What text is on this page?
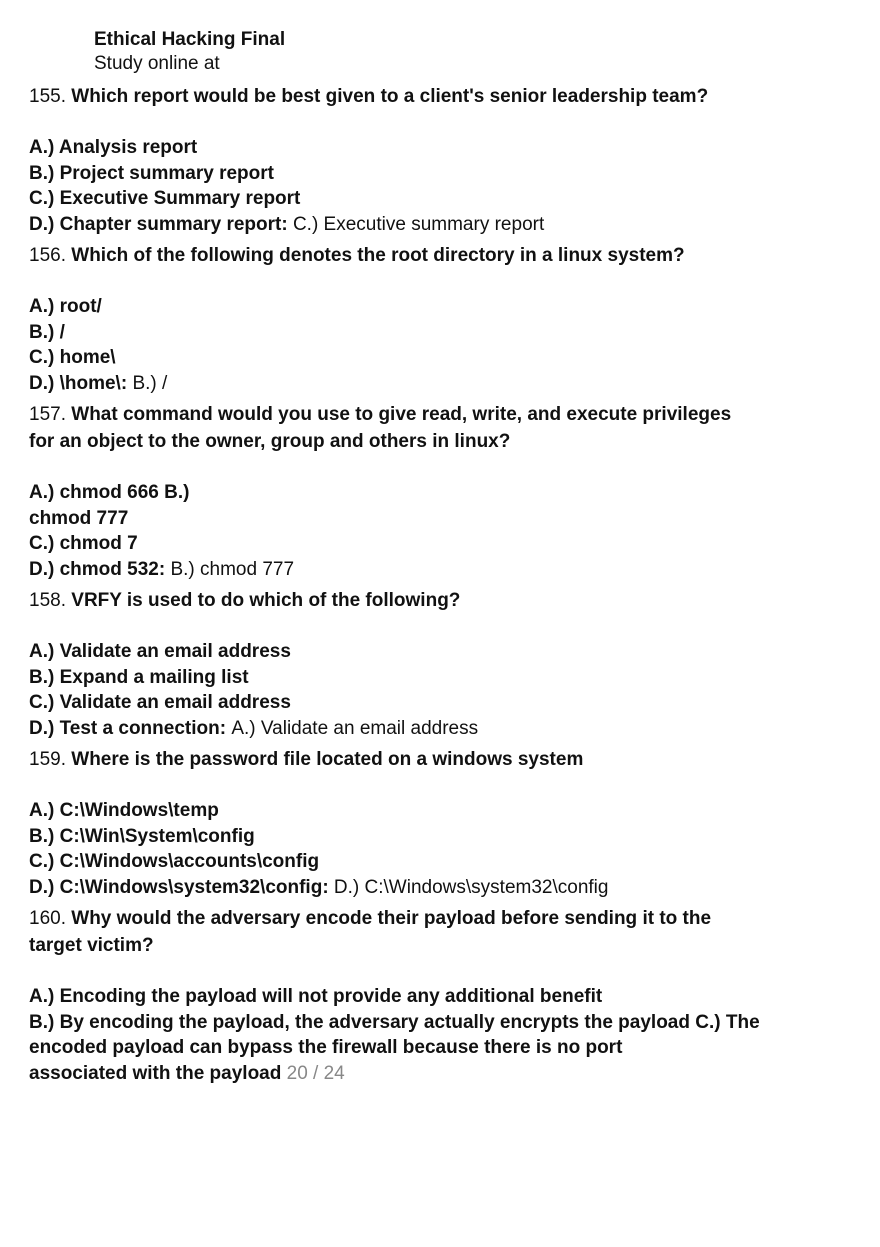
Ethical Hacking Final
Study online at

155. Which report would be best given to a client's senior leadership team?

A.) Analysis report

B.) Project summary report

C.) Executive Summary report

D.) Chapter summary report: C.) Executive summary report

156. Which of the following denotes the root directory in a linux system?

A.) root/

B.) /

C.) home\

D.) \home\: B.) /

157. What command would you use to give read, write, and execute privileges

for an object to the owner, group and others in linux?

A.) chmod 666 B.)

chmod 777

C.) chmod 7

D.) chmod 532: B.) chmod 777

158. VRFY is used to do which of the following?

A.) Validate an email address

B.) Expand a mailing list

C.) Validate an email address

D.) Test a connection: A.) Validate an email address

159. Where is the password file located on a windows system

A.) C:\Windows\temp

B.) C:\Win\System\config

C.) C:\Windows\accounts\config

D.) C:\Windows\system32\config: D.) C:\Windows\system32\config

160. Why would the adversary encode their payload before sending it to the

target victim?

A.) Encoding the payload will not provide any additional benefit

B.) By encoding the payload, the adversary actually encrypts the payload C.) The

encoded payload can bypass the firewall because there is no port

associated with the payload 20 / 24
